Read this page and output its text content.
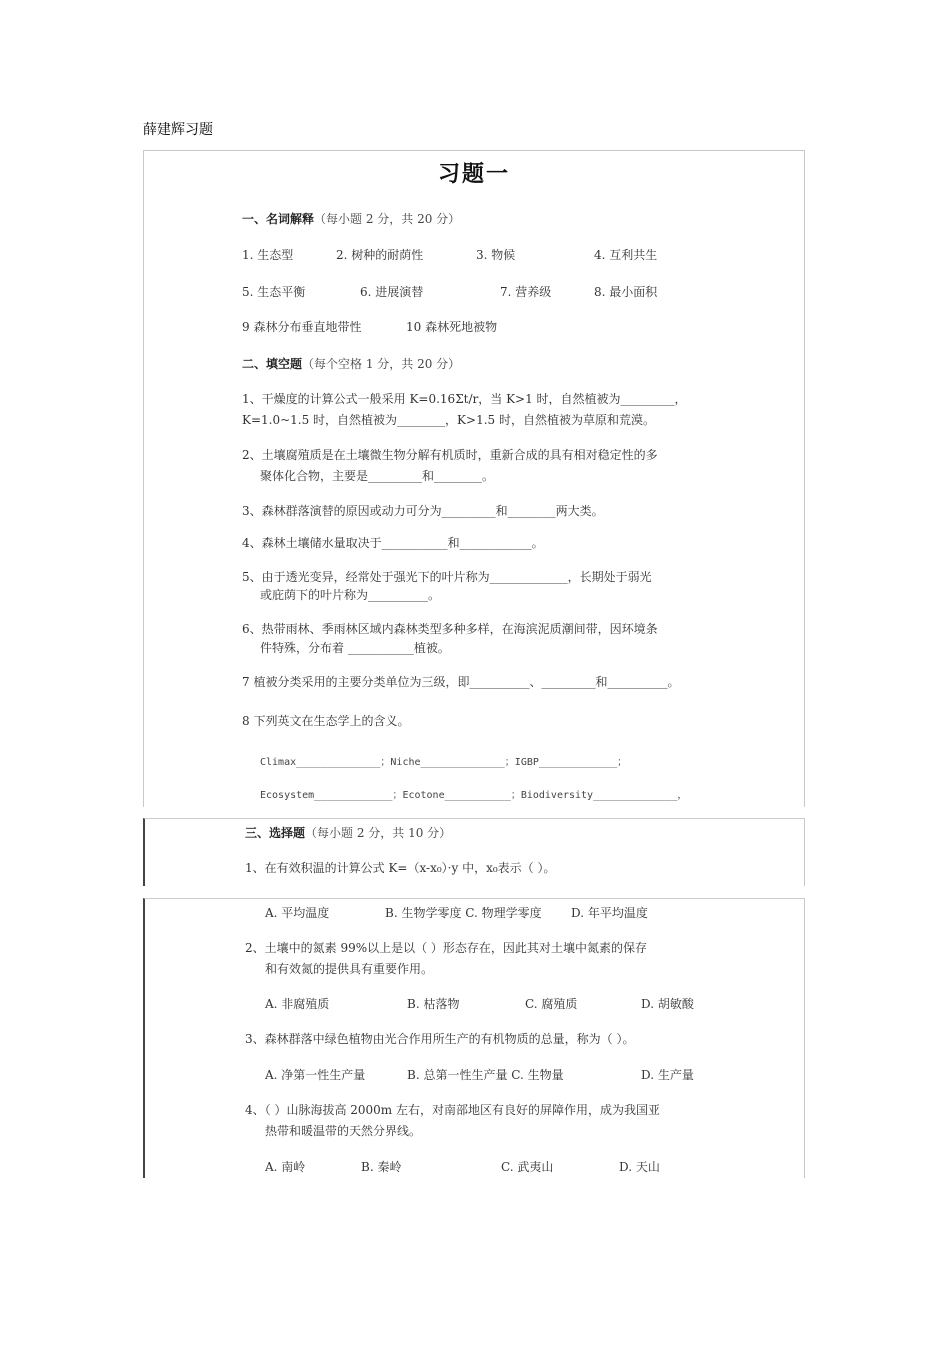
薛建辉习题
习题一
一、名词解释（每小题 2 分，共 20 分）
1. 生态型	2. 树种的耐荫性	3. 物候	4. 互利共生
5. 生态平衡	6. 进展演替	7. 营养级	8. 最小面积
9 森林分布垂直地带性	10 森林死地被物
二、填空题（每个空格 1 分，共 20 分）
1、干燥度的计算公式一般采用 K=0.16Σt/r，当 K>1 时，自然植被为_________，
K=1.0~1.5 时，自然植被为________，K>1.5 时，自然植被为草原和荒漠。
2、土壤腐殖质是在土壤微生物分解有机质时，重新合成的具有相对稳定性的多
聚体化合物，主要是_________和________。
3、森林群落演替的原因或动力可分为_________和________两大类。
4、森林土壤储水量取决于___________和____________。
5、由于透光变异，经常处于强光下的叶片称为_____________，长期处于弱光
或庇荫下的叶片称为__________。
6、热带雨林、季雨林区域内森林类型多种多样，在海滨泥质潮间带，因环境条
件特殊，分布着 ___________植被。
7 植被分类采用的主要分类单位为三级，即__________、_________和__________。
8 下列英文在生态学上的含义。
Climax______________；Niche______________；IGBP_____________；
Ecosystem_____________；Ecotone___________；Biodiversity______________，
三、选择题（每小题 2 分，共 10 分）
1、在有效积温的计算公式 K=（x-x₀）·y 中，x₀表示（ ）。
A. 平均温度	B. 生物学零度 C. 物理学零度 D. 年平均温度
2、土壤中的氮素 99%以上是以（ ）形态存在，因此其对土壤中氮素的保存
和有效氮的提供具有重要作用。
A. 非腐殖质	B. 枯落物	C. 腐殖质	D. 胡敏酸
3、森林群落中绿色植物由光合作用所生产的有机物质的总量，称为（ ）。
A. 净第一性生产量	B. 总第一性生产量 C. 生物量	D. 生产量
4、（ ）山脉海拔高 2000m 左右，对南部地区有良好的屏障作用，成为我国亚
热带和暖温带的天然分界线。
A. 南岭	B. 秦岭	C. 武夷山	D. 天山
